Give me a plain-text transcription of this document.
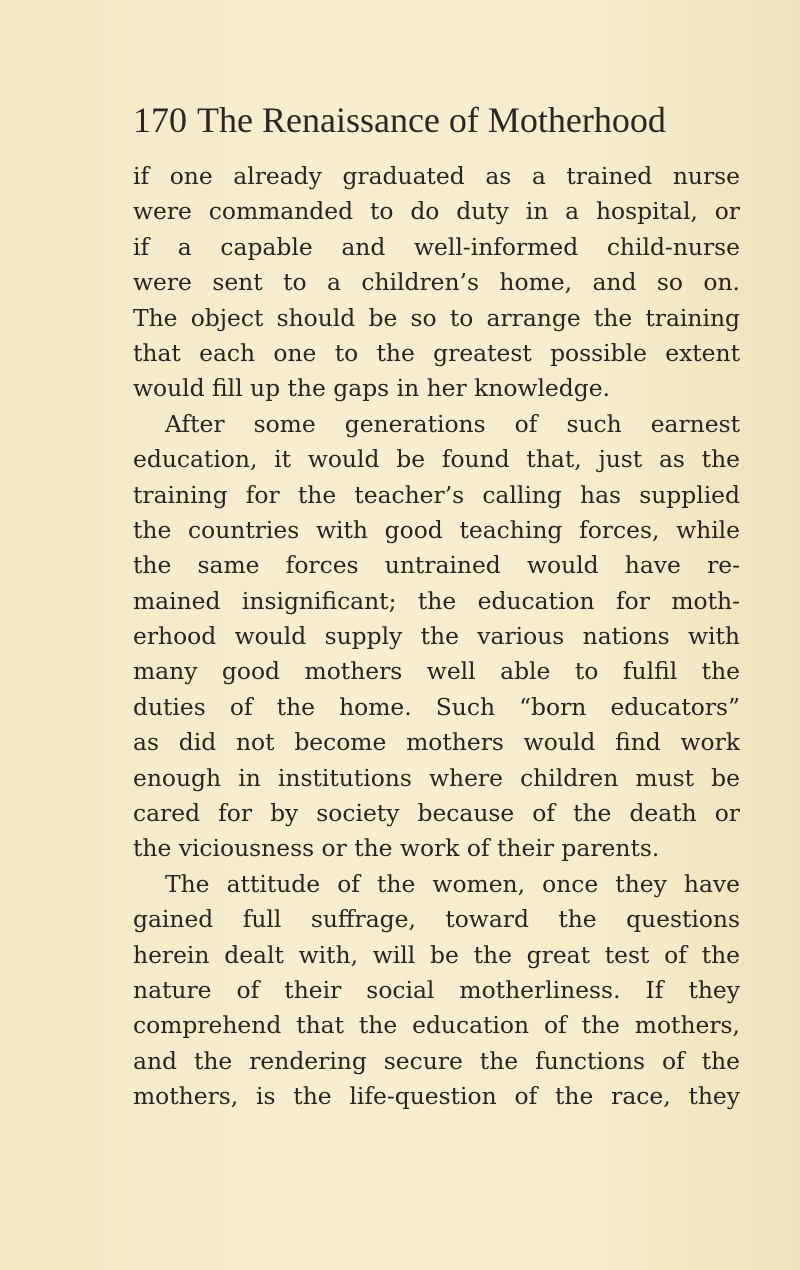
170 The Renaissance of Motherhood
if one already graduated as a trained nurse
were commanded to do duty in a hospital, or
if a capable and well-informed child-nurse
were sent to a children’s home, and so on.
The object should be so to arrange the training
that each one to the greatest possible extent
would fill up the gaps in her knowledge.
After some generations of such earnest
education, it would be found that, just as the
training for the teacher’s calling has supplied
the countries with good teaching forces, while
the same forces untrained would have re-
mained insignificant; the education for moth-
erhood would supply the various nations with
many good mothers well able to fulfil the
duties of the home. Such “born educators”
as did not become mothers would find work
enough in institutions where children must be
cared for by society because of the death or
the viciousness or the work of their parents.
The attitude of the women, once they have
gained full suffrage, toward the questions
herein dealt with, will be the great test of the
nature of their social motherliness. If they
comprehend that the education of the mothers,
and the rendering secure the functions of the
mothers, is the life-question of the race, they
